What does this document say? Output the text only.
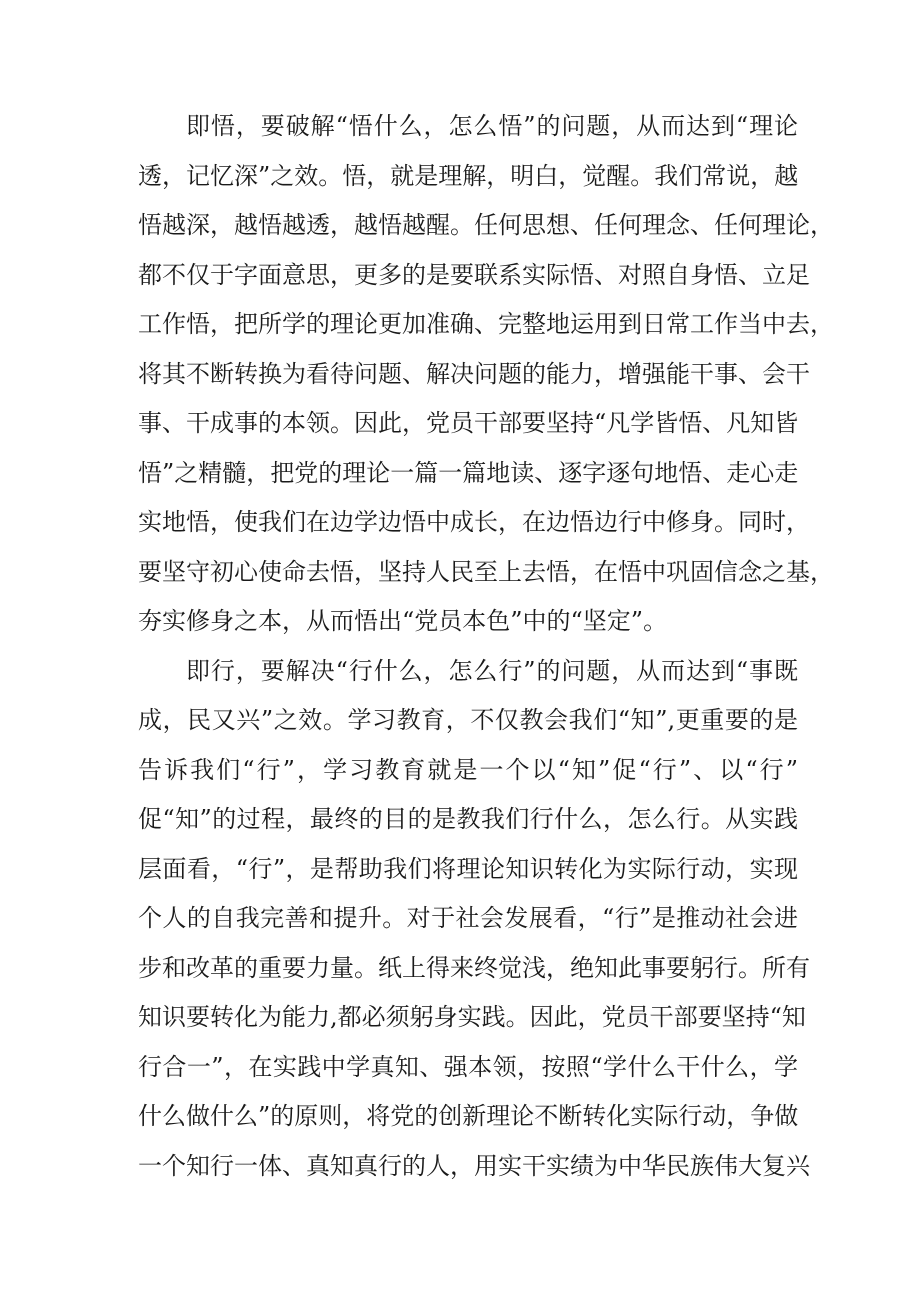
即悟，要破解“悟什么，怎么悟”的问题，从而达到“理论
透，记忆深”之效。悟，就是理解，明白，觉醒。我们常说，越
悟越深，越悟越透，越悟越醒。任何思想、任何理念、任何理论，
都不仅于字面意思，更多的是要联系实际悟、对照自身悟、立足
工作悟，把所学的理论更加准确、完整地运用到日常工作当中去，
将其不断转换为看待问题、解决问题的能力，增强能干事、会干
事、干成事的本领。因此，党员干部要坚持“凡学皆悟、凡知皆
悟”之精髓，把党的理论一篇一篇地读、逐字逐句地悟、走心走
实地悟，使我们在边学边悟中成长，在边悟边行中修身。同时，
要坚守初心使命去悟，坚持人民至上去悟，在悟中巩固信念之基，
夯实修身之本，从而悟出“党员本色”中的“坚定”。
即行，要解决“行什么，怎么行”的问题，从而达到“事既
成，民又兴”之效。学习教育，不仅教会我们“知”,更重要的是
告诉我们“行”，学习教育就是一个以“知”促“行”、以“行”
促“知”的过程，最终的目的是教我们行什么，怎么行。从实践
层面看，“行”，是帮助我们将理论知识转化为实际行动，实现
个人的自我完善和提升。对于社会发展看，“行”是推动社会进
步和改革的重要力量。纸上得来终觉浅，绝知此事要躬行。所有
知识要转化为能力,都必须躬身实践。因此，党员干部要坚持“知
行合一”，在实践中学真知、强本领，按照“学什么干什么，学
什么做什么”的原则，将党的创新理论不断转化实际行动，争做
一个知行一体、真知真行的人，用实干实绩为中华民族伟大复兴
